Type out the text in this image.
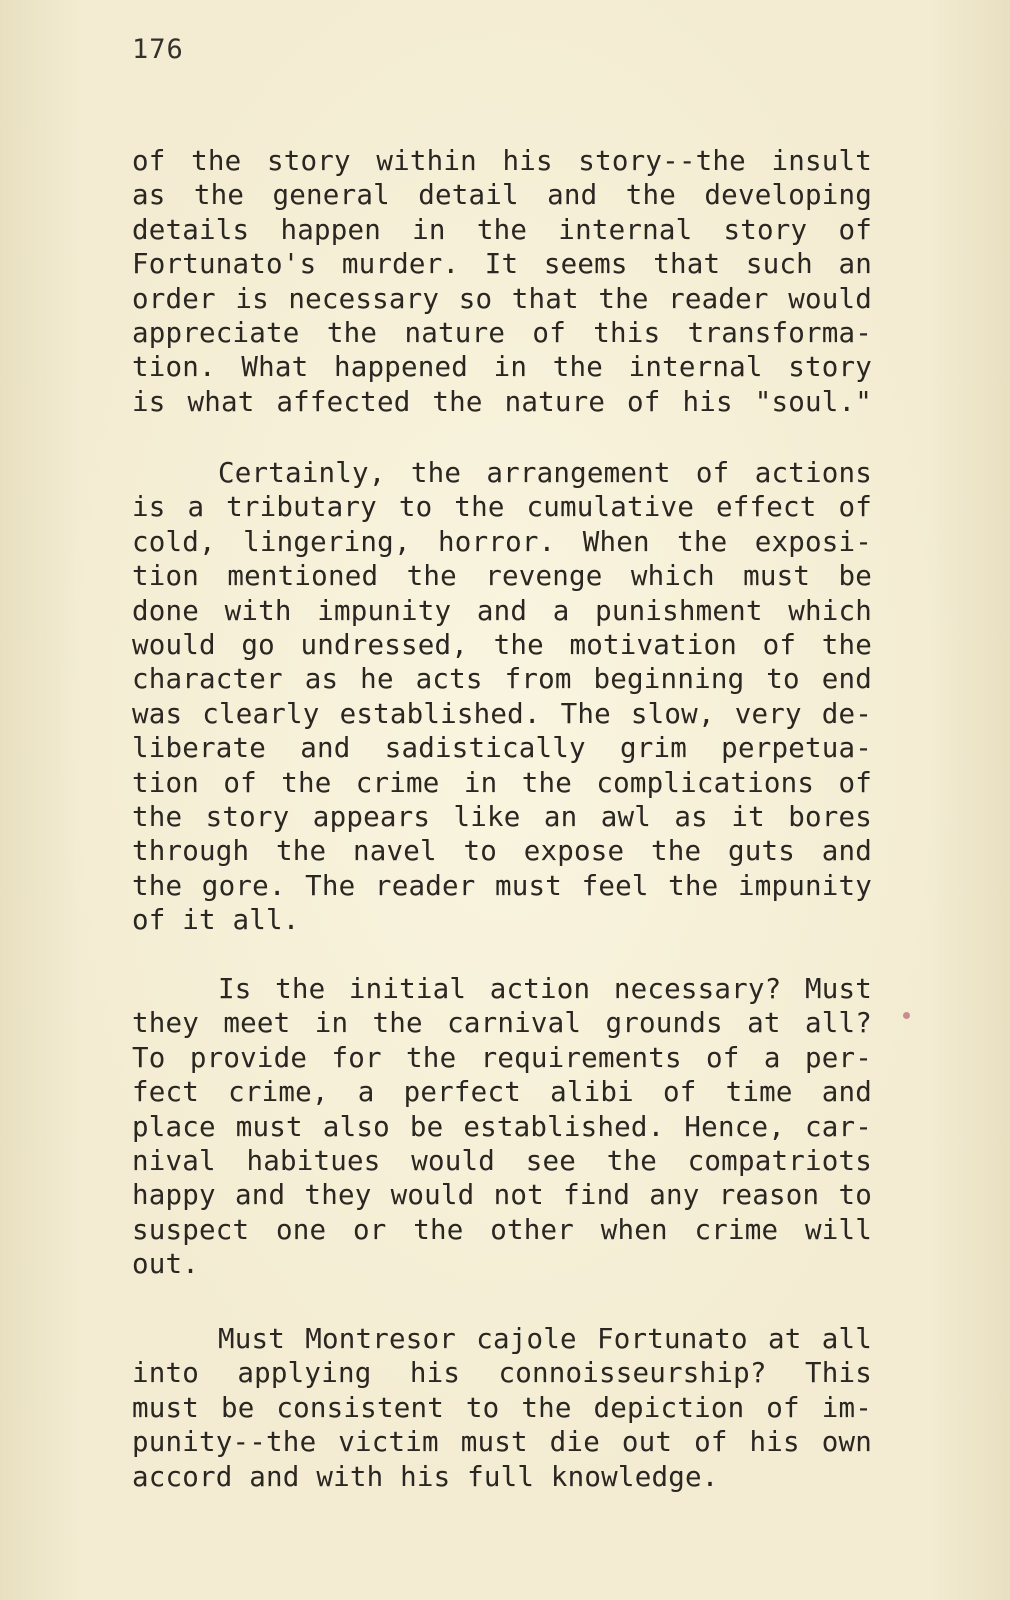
176
of the story within his story--the insult
as the general detail and the developing
details happen in the internal story of
Fortunato's murder. It seems that such an
order is necessary so that the reader would
appreciate the nature of this transforma-
tion. What happened in the internal story
is what affected the nature of his "soul."
Certainly, the arrangement of actions
is a tributary to the cumulative effect of
cold, lingering, horror. When the exposi-
tion mentioned the revenge which must be
done with impunity and a punishment which
would go undressed, the motivation of the
character as he acts from beginning to end
was clearly established. The slow, very de-
liberate and sadistically grim perpetua-
tion of the crime in the complications of
the story appears like an awl as it bores
through the navel to expose the guts and
the gore. The reader must feel the impunity
of it all.
Is the initial action necessary? Must
they meet in the carnival grounds at all?
To provide for the requirements of a per-
fect crime, a perfect alibi of time and
place must also be established. Hence, car-
nival habitues would see the compatriots
happy and they would not find any reason to
suspect one or the other when crime will
out.
Must Montresor cajole Fortunato at all
into applying his connoisseurship? This
must be consistent to the depiction of im-
punity--the victim must die out of his own
accord and with his full knowledge.
